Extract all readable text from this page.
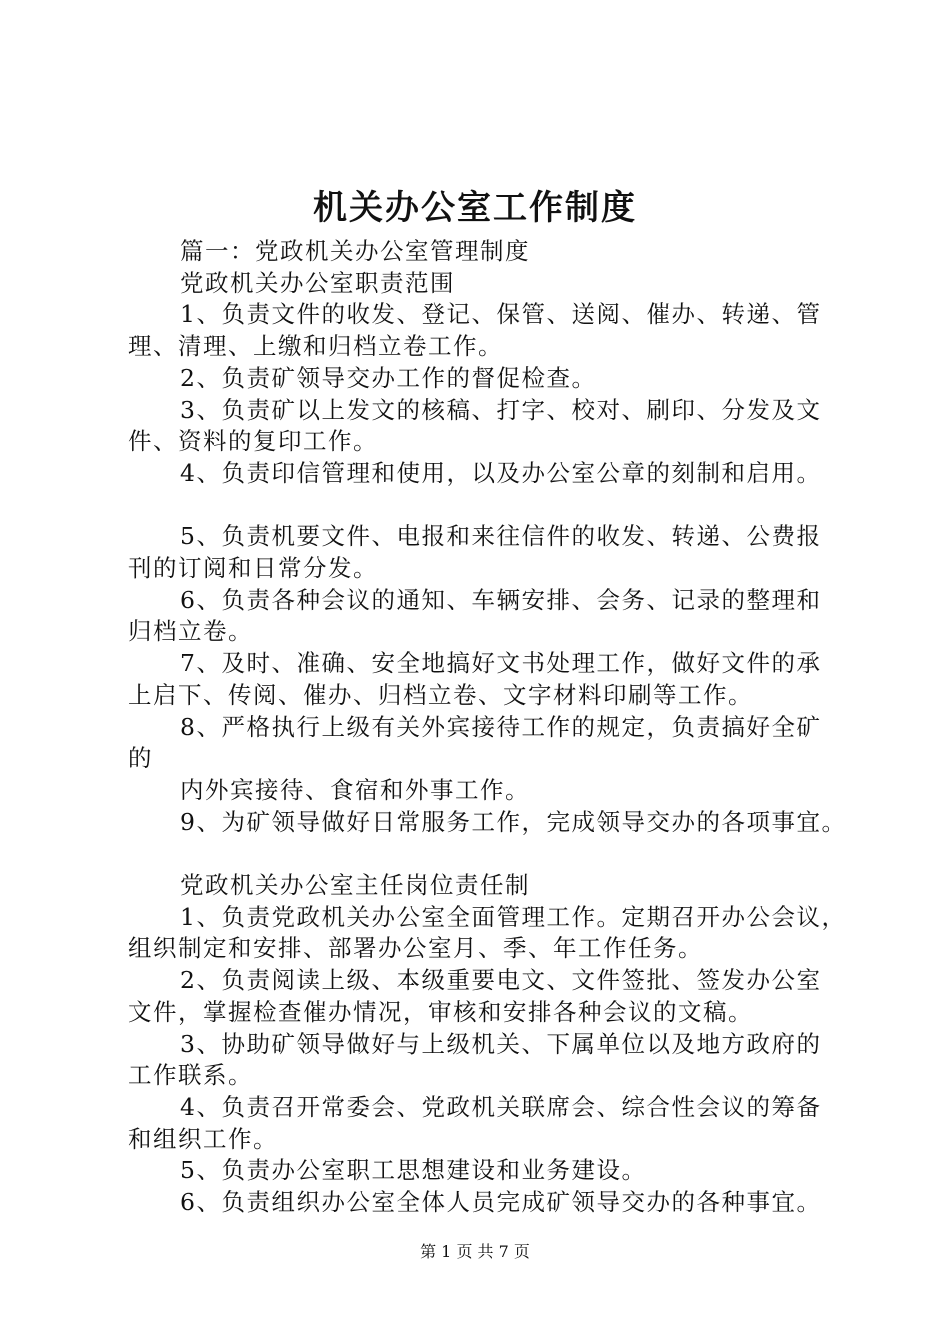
机关办公室工作制度
篇一：党政机关办公室管理制度
党政机关办公室职责范围
1、负责文件的收发、登记、保管、送阅、催办、转递、管
理、清理、上缴和归档立卷工作。
2、负责矿领导交办工作的督促检查。
3、负责矿以上发文的核稿、打字、校对、刷印、分发及文
件、资料的复印工作。
4、负责印信管理和使用，以及办公室公章的刻制和启用。
5、负责机要文件、电报和来往信件的收发、转递、公费报
刊的订阅和日常分发。
6、负责各种会议的通知、车辆安排、会务、记录的整理和
归档立卷。
7、及时、准确、安全地搞好文书处理工作，做好文件的承
上启下、传阅、催办、归档立卷、文字材料印刷等工作。
8、严格执行上级有关外宾接待工作的规定，负责搞好全矿
的
内外宾接待、食宿和外事工作。
9、为矿领导做好日常服务工作，完成领导交办的各项事宜。
党政机关办公室主任岗位责任制
1、负责党政机关办公室全面管理工作。定期召开办公会议，
组织制定和安排、部署办公室月、季、年工作任务。
2、负责阅读上级、本级重要电文、文件签批、签发办公室
文件，掌握检查催办情况，审核和安排各种会议的文稿。
3、协助矿领导做好与上级机关、下属单位以及地方政府的
工作联系。
4、负责召开常委会、党政机关联席会、综合性会议的筹备
和组织工作。
5、负责办公室职工思想建设和业务建设。
6、负责组织办公室全体人员完成矿领导交办的各种事宜。
第 1 页 共 7 页
